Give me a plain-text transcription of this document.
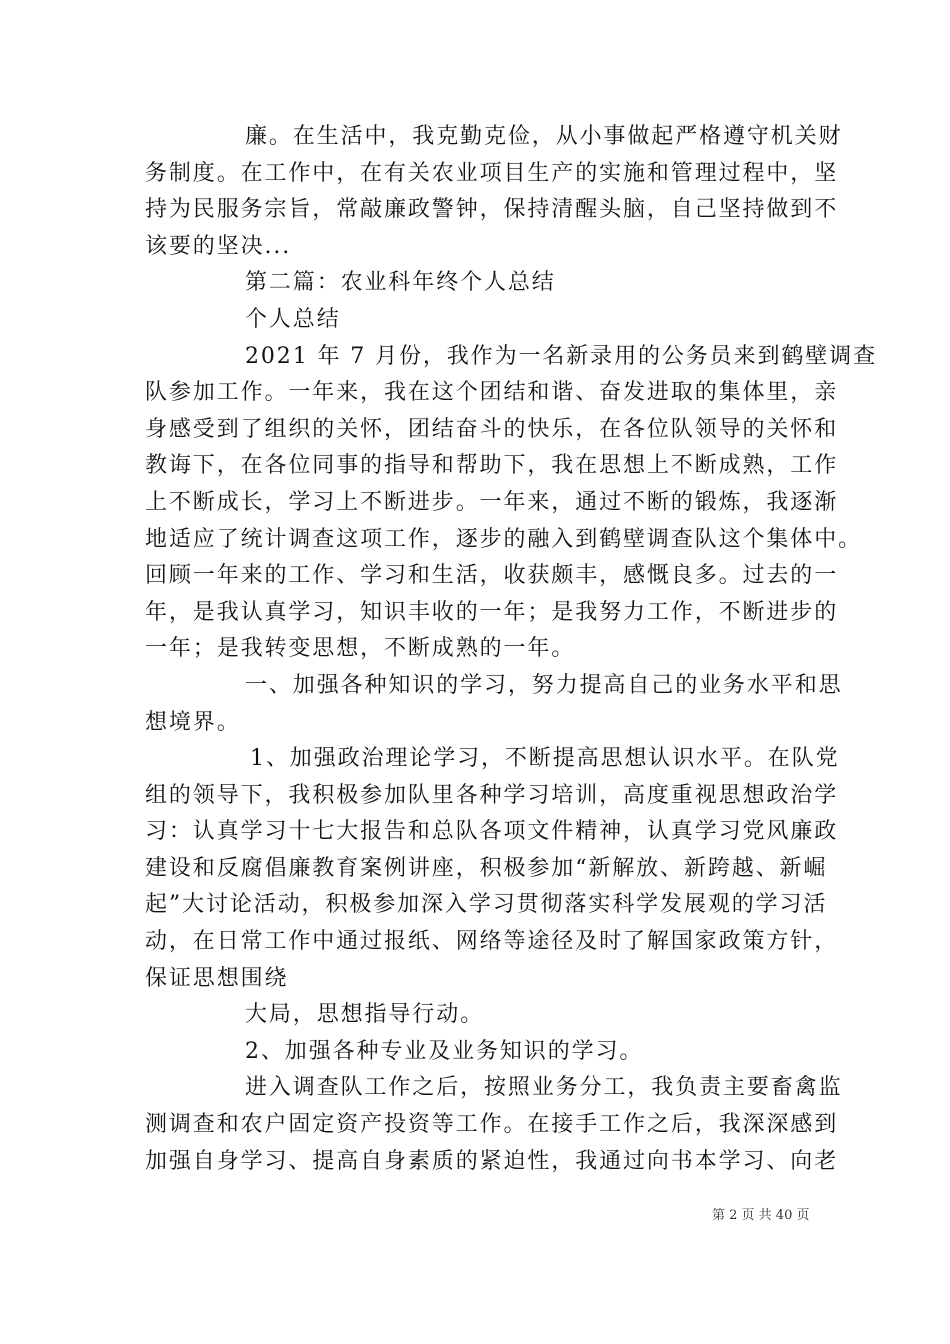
廉。在生活中，我克勤克俭，从小事做起严格遵守机关财
务制度。在工作中，在有关农业项目生产的实施和管理过程中，坚
持为民服务宗旨，常敲廉政警钟，保持清醒头脑，自己坚持做到不
该要的坚决...
第二篇：农业科年终个人总结
个人总结
2021 年 7 月份，我作为一名新录用的公务员来到鹤壁调查
队参加工作。一年来，我在这个团结和谐、奋发进取的集体里，亲
身感受到了组织的关怀，团结奋斗的快乐，在各位队领导的关怀和
教诲下，在各位同事的指导和帮助下，我在思想上不断成熟，工作
上不断成长，学习上不断进步。一年来，通过不断的锻炼，我逐渐
地适应了统计调查这项工作，逐步的融入到鹤壁调查队这个集体中。
回顾一年来的工作、学习和生活，收获颇丰，感慨良多。过去的一
年，是我认真学习，知识丰收的一年；是我努力工作，不断进步的
一年；是我转变思想，不断成熟的一年。
一、加强各种知识的学习，努力提高自己的业务水平和思
想境界。
1、加强政治理论学习，不断提高思想认识水平。在队党
组的领导下，我积极参加队里各种学习培训，高度重视思想政治学
习：认真学习十七大报告和总队各项文件精神，认真学习党风廉政
建设和反腐倡廉教育案例讲座，积极参加“新解放、新跨越、新崛
起”大讨论活动，积极参加深入学习贯彻落实科学发展观的学习活
动，在日常工作中通过报纸、网络等途径及时了解国家政策方针，
保证思想围绕
大局，思想指导行动。
2、加强各种专业及业务知识的学习。
进入调查队工作之后，按照业务分工，我负责主要畜禽监
测调查和农户固定资产投资等工作。在接手工作之后，我深深感到
加强自身学习、提高自身素质的紧迫性，我通过向书本学习、向老
第 2 页 共 40 页
